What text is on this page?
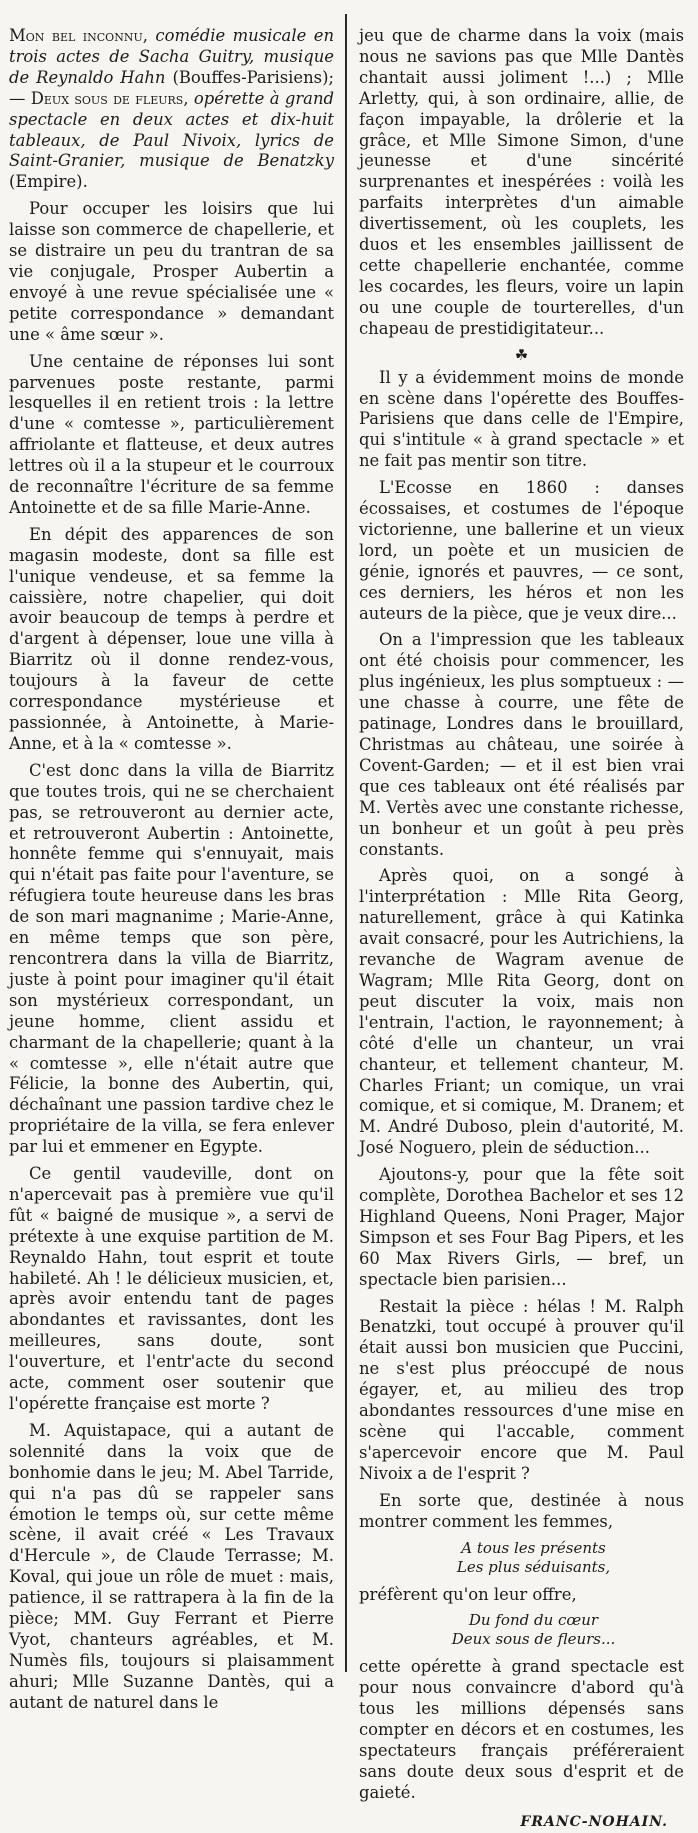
Mon bel inconnu, comédie musicale en trois actes de Sacha Guitry, musique de Reynaldo Hahn (Bouffes-Parisiens); — Deux sous de fleurs, opérette à grand spectacle en deux actes et dix-huit tableaux, de Paul Nivoix, lyrics de Saint-Granier, musique de Benatzky (Empire).

Pour occuper les loisirs que lui laisse son commerce de chapellerie, et se distraire un peu du trantran de sa vie conjugale, Prosper Aubertin a envoyé à une revue spécialisée une « petite correspondance » demandant une « âme sœur ».

Une centaine de réponses lui sont parvenues poste restante, parmi lesquelles il en retient trois : la lettre d'une « comtesse », particulièrement affriolante et flatteuse, et deux autres lettres où il a la stupeur et le courroux de reconnaître l'écriture de sa femme Antoinette et de sa fille Marie-Anne.

En dépit des apparences de son magasin modeste, dont sa fille est l'unique vendeuse, et sa femme la caissière, notre chapelier, qui doit avoir beaucoup de temps à perdre et d'argent à dépenser, loue une villa à Biarritz où il donne rendez-vous, toujours à la faveur de cette correspondance mystérieuse et passionnée, à Antoinette, à Marie-Anne, et à la « comtesse ».

C'est donc dans la villa de Biarritz que toutes trois, qui ne se cherchaient pas, se retrouveront au dernier acte, et retrouveront Aubertin : Antoinette, honnête femme qui s'ennuyait, mais qui n'était pas faite pour l'aventure, se réfugiera toute heureuse dans les bras de son mari magnanime ; Marie-Anne, en même temps que son père, rencontrera dans la villa de Biarritz, juste à point pour imaginer qu'il était son mystérieux correspondant, un jeune homme, client assidu et charmant de la chapellerie; quant à la « comtesse », elle n'était autre que Félicie, la bonne des Aubertin, qui, déchaînant une passion tardive chez le propriétaire de la villa, se fera enlever par lui et emmener en Egypte.

Ce gentil vaudeville, dont on n'apercevait pas à première vue qu'il fût « baigné de musique », a servi de prétexte à une exquise partition de M. Reynaldo Hahn, tout esprit et toute habileté. Ah ! le délicieux musicien, et, après avoir entendu tant de pages abondantes et ravissantes, dont les meilleures, sans doute, sont l'ouverture, et l'entr'acte du second acte, comment oser soutenir que l'opérette française est morte ?

M. Aquistapace, qui a autant de solennité dans la voix que de bonhomie dans le jeu; M. Abel Tarride, qui n'a pas dû se rappeler sans émotion le temps où, sur cette même scène, il avait créé « Les Travaux d'Hercule », de Claude Terrasse; M. Koval, qui joue un rôle de muet : mais, patience, il se rattrapera à la fin de la pièce; MM. Guy Ferrant et Pierre Vyot, chanteurs agréables, et M. Numès fils, toujours si plaisamment ahuri; Mlle Suzanne Dantès, qui a autant de naturel dans le

jeu que de charme dans la voix (mais nous ne savions pas que Mlle Dantès chantait aussi joliment !...) ; Mlle Arletty, qui, à son ordinaire, allie, de façon impayable, la drôlerie et la grâce, et Mlle Simone Simon, d'une jeunesse et d'une sincérité surprenantes et inespérées : voilà les parfaits interprètes d'un aimable divertissement, où les couplets, les duos et les ensembles jaillissent de cette chapellerie enchantée, comme les cocardes, les fleurs, voire un lapin ou une couple de tourterelles, d'un chapeau de prestidigitateur...

☘

Il y a évidemment moins de monde en scène dans l'opérette des Bouffes-Parisiens que dans celle de l'Empire, qui s'intitule « à grand spectacle » et ne fait pas mentir son titre.

L'Ecosse en 1860 : danses écossaises, et costumes de l'époque victorienne, une ballerine et un vieux lord, un poète et un musicien de génie, ignorés et pauvres, — ce sont, ces derniers, les héros et non les auteurs de la pièce, que je veux dire...

On a l'impression que les tableaux ont été choisis pour commencer, les plus ingénieux, les plus somptueux : — une chasse à courre, une fête de patinage, Londres dans le brouillard, Christmas au château, une soirée à Covent-Garden; — et il est bien vrai que ces tableaux ont été réalisés par M. Vertès avec une constante richesse, un bonheur et un goût à peu près constants.

Après quoi, on a songé à l'interprétation : Mlle Rita Georg, naturellement, grâce à qui Katinka avait consacré, pour les Autrichiens, la revanche de Wagram avenue de Wagram; Mlle Rita Georg, dont on peut discuter la voix, mais non l'entrain, l'action, le rayonnement; à côté d'elle un chanteur, un vrai chanteur, et tellement chanteur, M. Charles Friant; un comique, un vrai comique, et si comique, M. Dranem; et M. André Duboso, plein d'autorité, M. José Noguero, plein de séduction...

Ajoutons-y, pour que la fête soit complète, Dorothea Bachelor et ses 12 Highland Queens, Noni Prager, Major Simpson et ses Four Bag Pipers, et les 60 Max Rivers Girls, — bref, un spectacle bien parisien...

Restait la pièce : hélas ! M. Ralph Benatzki, tout occupé à prouver qu'il était aussi bon musicien que Puccini, ne s'est plus préoccupé de nous égayer, et, au milieu des trop abondantes ressources d'une mise en scène qui l'accable, comment s'apercevoir encore que M. Paul Nivoix a de l'esprit ?

En sorte que, destinée à nous montrer comment les femmes,

A tous les présents
Les plus séduisants,

préfèrent qu'on leur offre,

Du fond du cœur
Deux sous de fleurs...

cette opérette à grand spectacle est pour nous convaincre d'abord qu'à tous les millions dépensés sans compter en décors et en costumes, les spectateurs français préféreraient sans doute deux sous d'esprit et de gaieté.

FRANC-NOHAIN.
